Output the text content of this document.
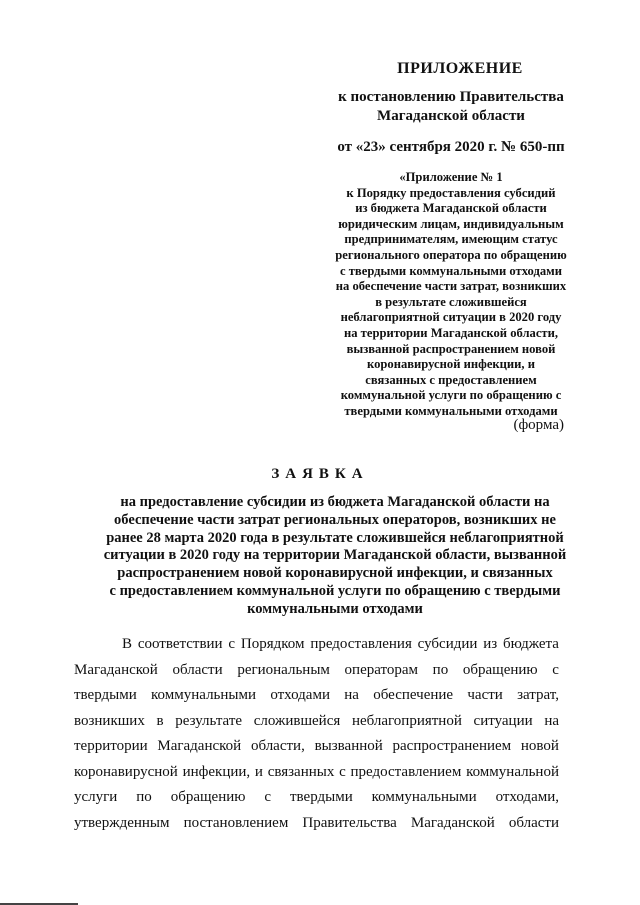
ПРИЛОЖЕНИЕ
к постановлению Правительства
Магаданской области
от «23» сентября 2020 г. № 650-пп
«Приложение № 1
к Порядку предоставления субсидий
из бюджета Магаданской области
юридическим лицам, индивидуальным
предпринимателям, имеющим статус
регионального оператора по обращению
с твердыми коммунальными отходами
на обеспечение части затрат, возникших
в результате сложившейся
неблагоприятной ситуации в 2020 году
на территории Магаданской области,
вызванной распространением новой
коронавирусной инфекции, и
связанных с предоставлением
коммунальной услуги по обращению с
твердыми коммунальными отходами
(форма)
ЗАЯВКА
на предоставление субсидии из бюджета Магаданской области на
обеспечение части затрат региональных операторов, возникших не
ранее 28 марта 2020 года в результате сложившейся неблагоприятной
ситуации в 2020 году на территории Магаданской области, вызванной
распространением новой коронавирусной инфекции, и связанных
с предоставлением коммунальной услуги по обращению с твердыми
коммунальными отходами
В соответствии с Порядком предоставления субсидии из бюджета
Магаданской области региональным операторам по обращению с
твердыми коммунальными отходами на обеспечение части затрат,
возникших в результате сложившейся неблагоприятной ситуации на
территории Магаданской области, вызванной распространением новой
коронавирусной инфекции, и связанных с предоставлением коммунальной
услуги по обращению с твердыми коммунальными отходами,
утвержденным постановлением Правительства Магаданской области
